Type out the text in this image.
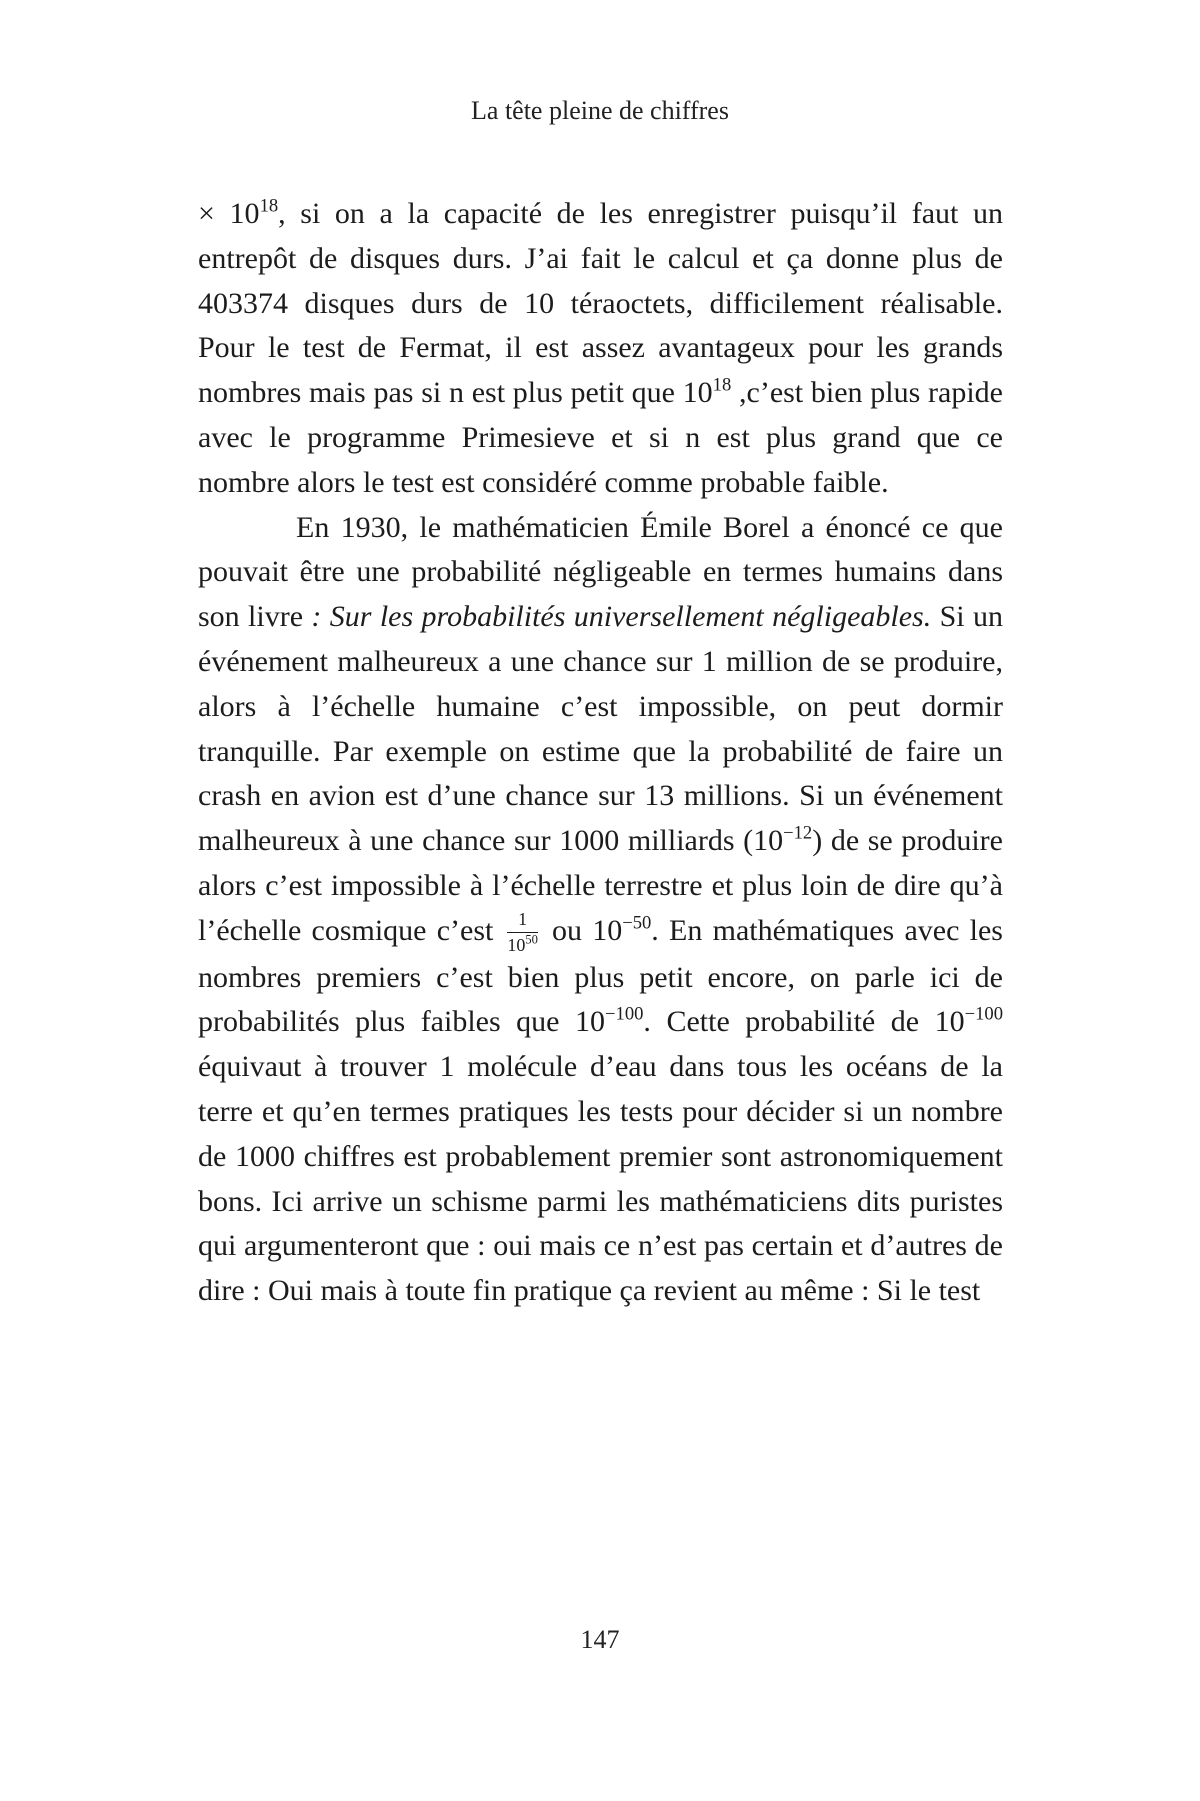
La tête pleine de chiffres

× $10^{18}$, si on a la capacité de les enregistrer puisqu’il faut un entrepôt de disques durs. J’ai fait le calcul et ça donne plus de 403374 disques durs de 10 téraoctets, difficilement réalisable. Pour le test de Fermat, il est assez avantageux pour les grands nombres mais pas si n est plus petit que $10^{18}$ ,c’est bien plus rapide avec le programme Primesieve et si n est plus grand que ce nombre alors le test est considéré comme probable faible.

En 1930, le mathématicien Émile Borel a énoncé ce que pouvait être une probabilité négligeable en termes humains dans son livre : Sur les probabilités universellement négligeables. Si un événement malheureux a une chance sur 1 million de se produire, alors à l’échelle humaine c’est impossible, on peut dormir tranquille. Par exemple on estime que la probabilité de faire un crash en avion est d’une chance sur 13 millions. Si un événement malheureux à une chance sur 1000 milliards $(10^{-12})$ de se produire alors c’est impossible à l’échelle terrestre et plus loin de dire qu’à l’échelle cosmique c’est $\frac{1}{10^{50}}$ ou $10^{-50}$. En mathématiques avec les nombres premiers c’est bien plus petit encore, on parle ici de probabilités plus faibles que $10^{-100}$. Cette probabilité de $10^{-100}$ équivaut à trouver 1 molécule d’eau dans tous les océans de la terre et qu’en termes pratiques les tests pour décider si un nombre de 1000 chiffres est probablement premier sont astronomiquement bons. Ici arrive un schisme parmi les mathématiciens dits puristes qui argumenteront que : oui mais ce n’est pas certain et d’autres de dire : Oui mais à toute fin pratique ça revient au même : Si le test

147
